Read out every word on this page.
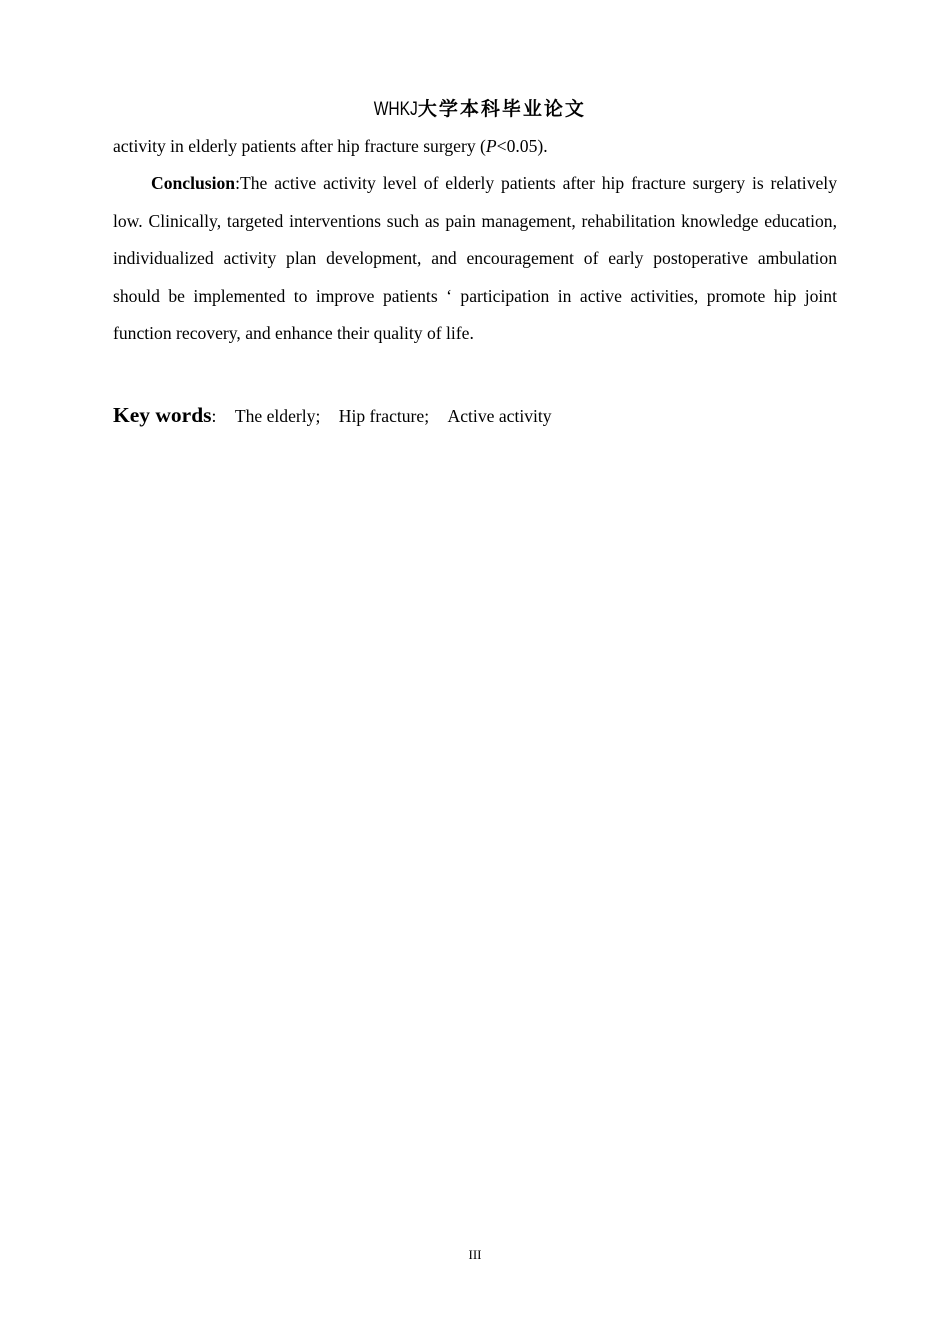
WHKJ大学本科毕业论文

activity in elderly patients after hip fracture surgery (P<0.05).

Conclusion:The active activity level of elderly patients after hip fracture surgery is relatively low. Clinically, targeted interventions such as pain management, rehabilitation knowledge education, individualized activity plan development, and encouragement of early postoperative ambulation should be implemented to improve patients ‘ participation in active activities, promote hip joint function recovery, and enhance their quality of life.

Key words: The elderly; Hip fracture; Active activity
III
